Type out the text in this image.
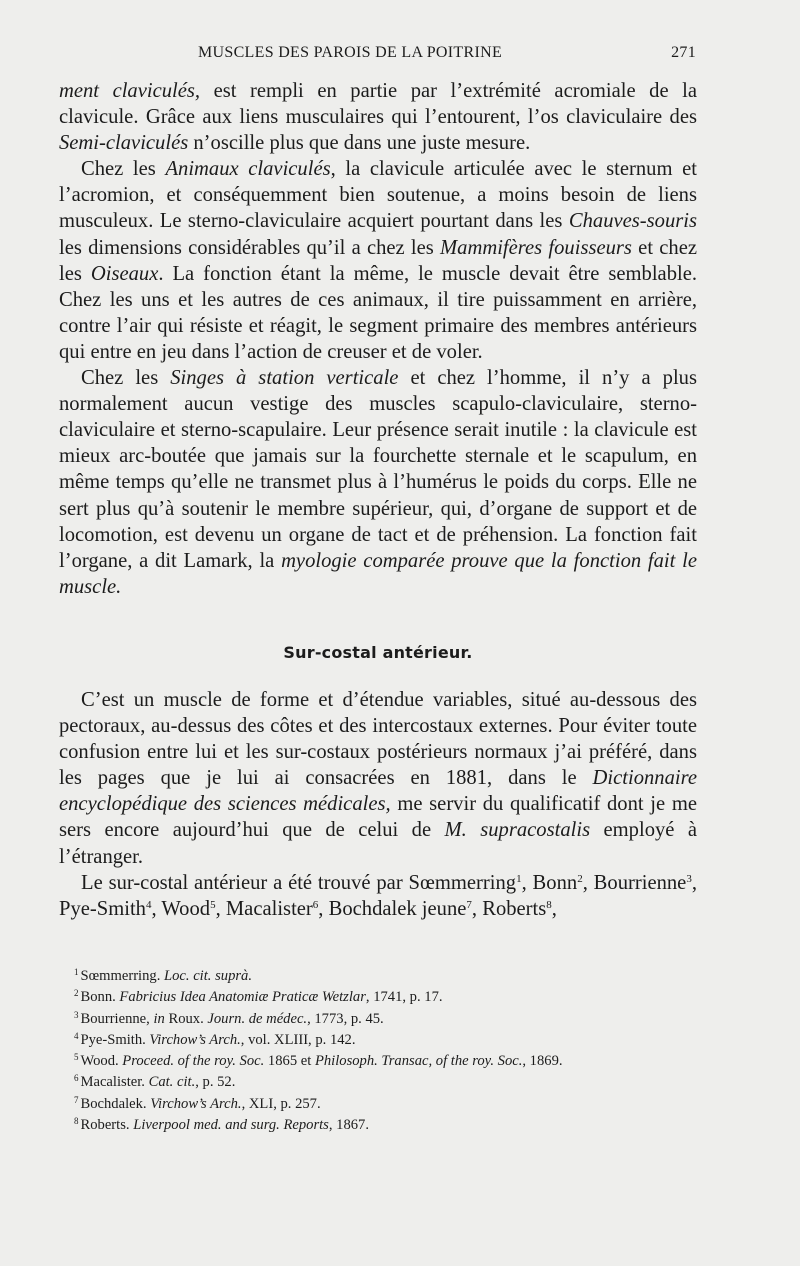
MUSCLES DES PAROIS DE LA POITRINE	271

ment claviculés, est rempli en partie par l’extrémité acromiale de la clavicule. Grâce aux liens musculaires qui l’entourent, l’os claviculaire des Semi-claviculés n’oscille plus que dans une juste mesure.

Chez les Animaux claviculés, la clavicule articulée avec le sternum et l’acromion, et conséquemment bien soutenue, a moins besoin de liens musculeux. Le sterno-claviculaire acquiert pourtant dans les Chauves-souris les dimensions considérables qu’il a chez les Mammifères fouisseurs et chez les Oiseaux. La fonction étant la même, le muscle devait être semblable. Chez les uns et les autres de ces animaux, il tire puissamment en arrière, contre l’air qui résiste et réagit, le segment primaire des membres antérieurs qui entre en jeu dans l’action de creuser et de voler.

Chez les Singes à station verticale et chez l’homme, il n’y a plus normalement aucun vestige des muscles scapulo-claviculaire, sterno-claviculaire et sterno-scapulaire. Leur présence serait inutile : la clavicule est mieux arc-boutée que jamais sur la fourchette sternale et le scapulum, en même temps qu’elle ne transmet plus à l’humérus le poids du corps. Elle ne sert plus qu’à soutenir le membre supérieur, qui, d’organe de support et de locomotion, est devenu un organe de tact et de préhension. La fonction fait l’organe, a dit Lamark, la myologie comparée prouve que la fonction fait le muscle.

Sur-costal antérieur.

C’est un muscle de forme et d’étendue variables, situé au-dessous des pectoraux, au-dessus des côtes et des intercostaux externes. Pour éviter toute confusion entre lui et les sur-costaux postérieurs normaux j’ai préféré, dans les pages que je lui ai consacrées en 1881, dans le Dictionnaire encyclopédique des sciences médicales, me servir du qualificatif dont je me sers encore aujourd’hui que de celui de M. supracostalis employé à l’étranger.

Le sur-costal antérieur a été trouvé par Sœmmerring$^1$, Bonn$^2$, Bourrienne$^3$, Pye-Smith$^4$, Wood$^5$, Macalister$^6$, Bochdalek jeune$^7$, Roberts$^8$,

$^1$ Sœmmerring. Loc. cit. suprà.
$^2$ Bonn. Fabricius Idea Anatomiæ Praticæ Wetzlar, 1741, p. 17.
$^3$ Bourrienne, in Roux. Journ. de médec., 1773, p. 45.
$^4$ Pye-Smith. Virchow’s Arch., vol. XLIII, p. 142.
$^5$ Wood. Proceed. of the roy. Soc. 1865 et Philosoph. Transac, of the roy. Soc., 1869.
$^6$ Macalister. Cat. cit., p. 52.
$^7$ Bochdalek. Virchow’s Arch., XLI, p. 257.
$^8$ Roberts. Liverpool med. and surg. Reports, 1867.
